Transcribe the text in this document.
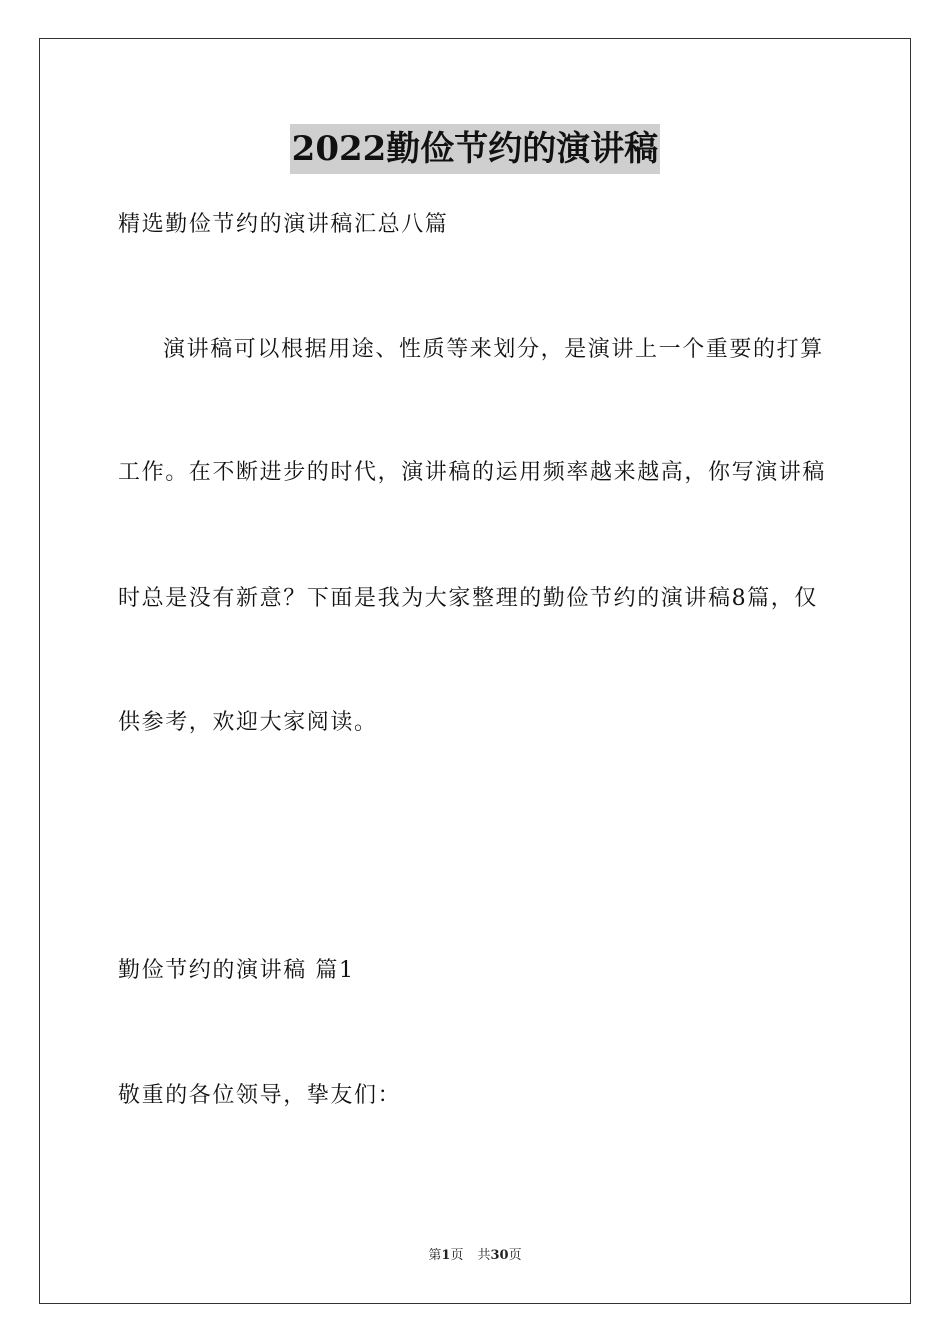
2022勤俭节约的演讲稿
精选勤俭节约的演讲稿汇总八篇
演讲稿可以根据用途、性质等来划分，是演讲上一个重要的打算
工作。在不断进步的时代，演讲稿的运用频率越来越高，你写演讲稿
时总是没有新意？下面是我为大家整理的勤俭节约的演讲稿8篇，仅
供参考，欢迎大家阅读。
勤俭节约的演讲稿 篇1
敬重的各位领导，挚友们：
第1页 共30页
